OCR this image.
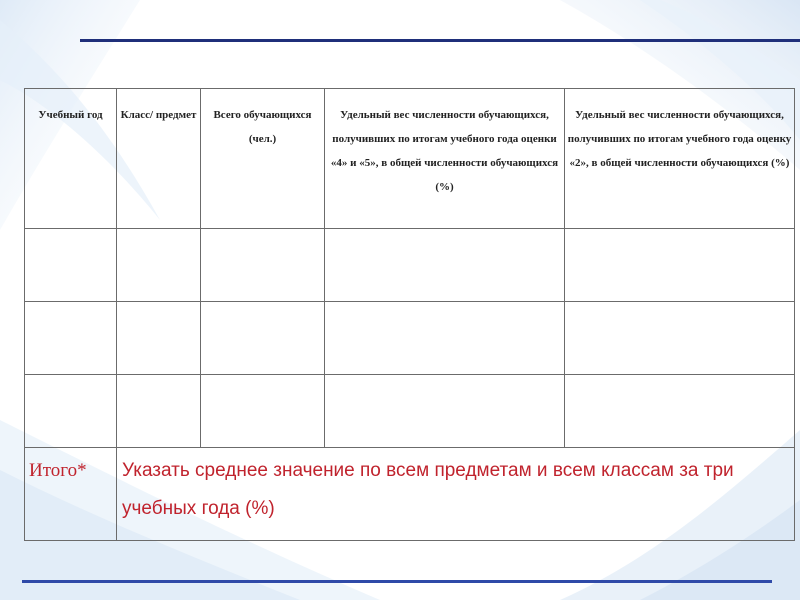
Учебный год	Класс/ предмет	Всего обучающихся (чел.)	Удельный вес численности обучающихся, получивших по итогам учебного года оценки «4» и «5», в общей численности обучающихся (%)	Удельный вес численности обучающихся, получивших по итогам учебного года оценку «2», в общей численности обучающихся (%)

Итого*	Указать среднее значение по всем предметам и всем классам за три учебных года (%)			
